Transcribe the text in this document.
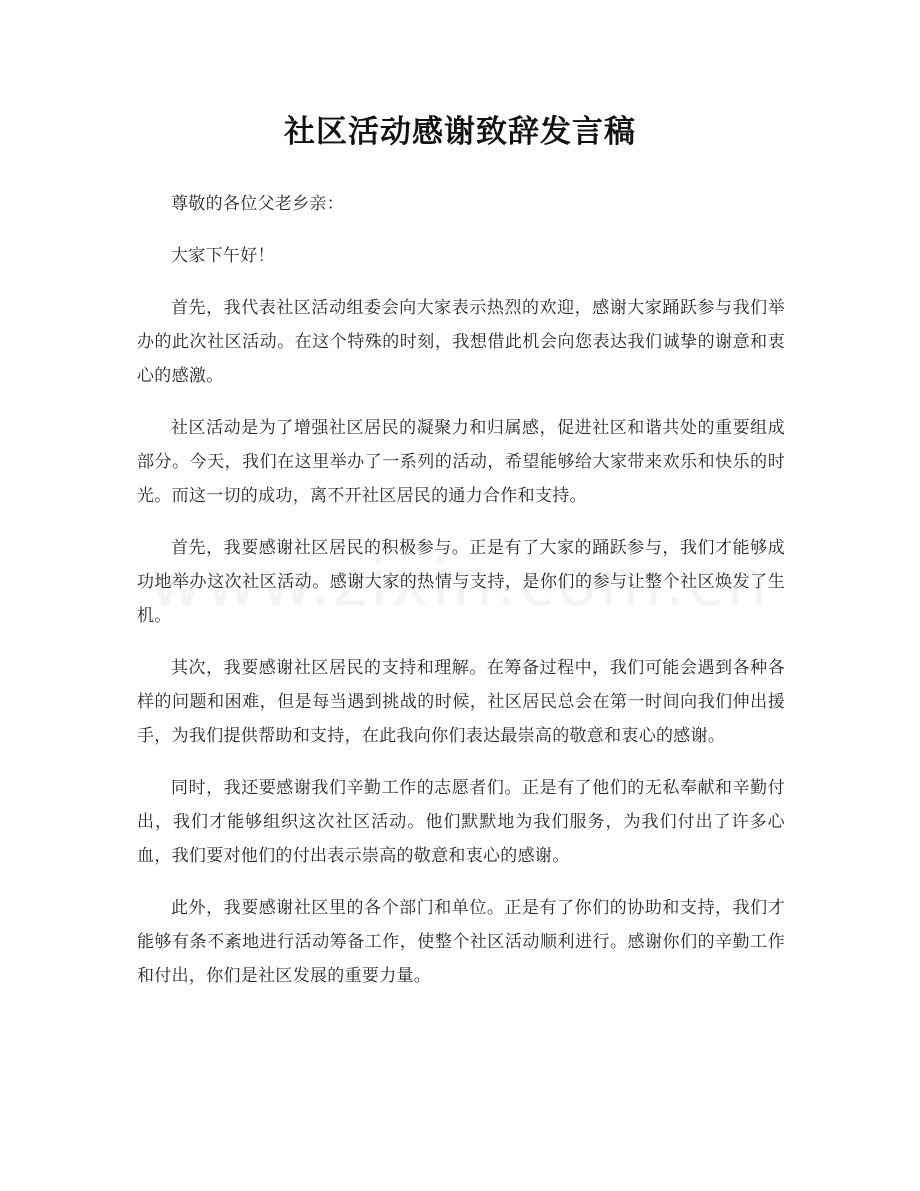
社区活动感谢致辞发言稿

尊敬的各位父老乡亲：

大家下午好！

首先，我代表社区活动组委会向大家表示热烈的欢迎，感谢大家踊跃参与我们举办的此次社区活动。在这个特殊的时刻，我想借此机会向您表达我们诚挚的谢意和衷心的感激。

社区活动是为了增强社区居民的凝聚力和归属感，促进社区和谐共处的重要组成部分。今天，我们在这里举办了一系列的活动，希望能够给大家带来欢乐和快乐的时光。而这一切的成功，离不开社区居民的通力合作和支持。

首先，我要感谢社区居民的积极参与。正是有了大家的踊跃参与，我们才能够成功地举办这次社区活动。感谢大家的热情与支持，是你们的参与让整个社区焕发了生机。

其次，我要感谢社区居民的支持和理解。在筹备过程中，我们可能会遇到各种各样的问题和困难，但是每当遇到挑战的时候，社区居民总会在第一时间向我们伸出援手，为我们提供帮助和支持，在此我向你们表达最崇高的敬意和衷心的感谢。

同时，我还要感谢我们辛勤工作的志愿者们。正是有了他们的无私奉献和辛勤付出，我们才能够组织这次社区活动。他们默默地为我们服务，为我们付出了许多心血，我们要对他们的付出表示崇高的敬意和衷心的感谢。

此外，我要感谢社区里的各个部门和单位。正是有了你们的协助和支持，我们才能够有条不紊地进行活动筹备工作，使整个社区活动顺利进行。感谢你们的辛勤工作和付出，你们是社区发展的重要力量。
